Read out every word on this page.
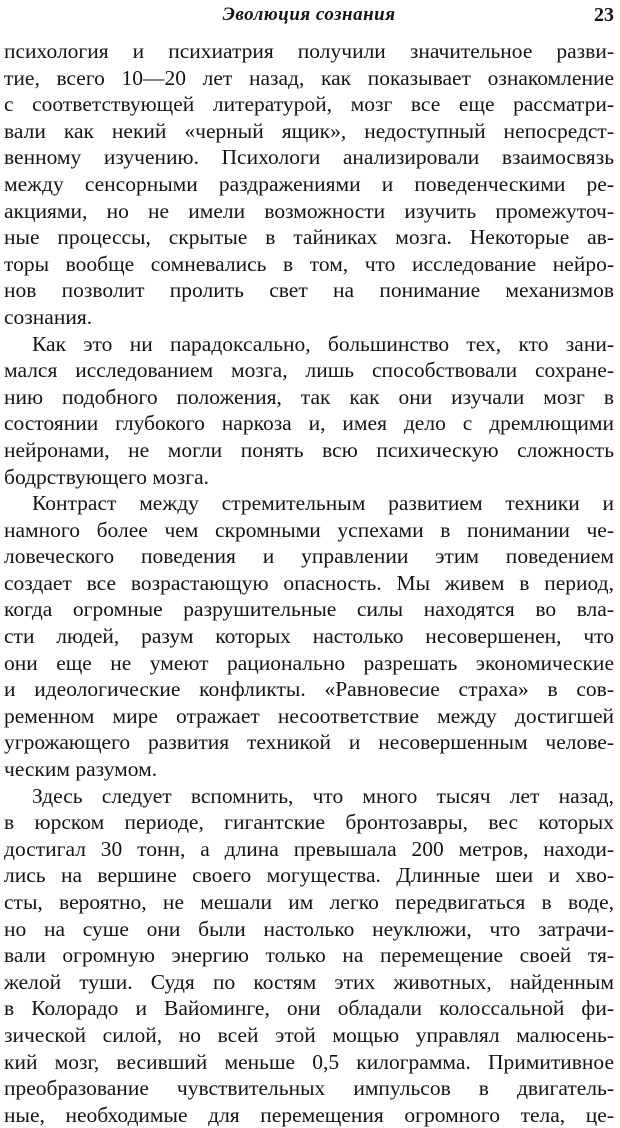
Эволюция сознания	23
психология и психиатрия получили значительное разви-
тие, всего 10—20 лет назад, как показывает ознакомление
с соответствующей литературой, мозг все еще рассматри-
вали как некий «черный ящик», недоступный непосредст-
венному изучению. Психологи анализировали взаимосвязь
между сенсорными раздражениями и поведенческими ре-
акциями, но не имели возможности изучить промежуточ-
ные процессы, скрытые в тайниках мозга. Некоторые ав-
торы вообще сомневались в том, что исследование нейро-
нов позволит пролить свет на понимание механизмов
сознания.
Как это ни парадоксально, большинство тех, кто зани-
мался исследованием мозга, лишь способствовали сохране-
нию подобного положения, так как они изучали мозг в
состоянии глубокого наркоза и, имея дело с дремлющими
нейронами, не могли понять всю психическую сложность
бодрствующего мозга.
Контраст между стремительным развитием техники и
намного более чем скромными успехами в понимании че-
ловеческого поведения и управлении этим поведением
создает все возрастающую опасность. Мы живем в период,
когда огромные разрушительные силы находятся во вла-
сти людей, разум которых настолько несовершенен, что
они еще не умеют рационально разрешать экономические
и идеологические конфликты. «Равновесие страха» в сов-
ременном мире отражает несоответствие между достигшей
угрожающего развития техникой и несовершенным челове-
ческим разумом.
Здесь следует вспомнить, что много тысяч лет назад,
в юрском периоде, гигантские бронтозавры, вес которых
достигал 30 тонн, а длина превышала 200 метров, находи-
лись на вершине своего могущества. Длинные шеи и хво-
сты, вероятно, не мешали им легко передвигаться в воде,
но на суше они были настолько неуклюжи, что затрачи-
вали огромную энергию только на перемещение своей тя-
желой туши. Судя по костям этих животных, найденным
в Колорадо и Вайоминге, они обладали колоссальной фи-
зической силой, но всей этой мощью управлял малюсень-
кий мозг, весивший меньше 0,5 килограмма. Примитивное
преобразование чувствительных импульсов в двигатель-
ные, необходимые для перемещения огромного тела, це-
